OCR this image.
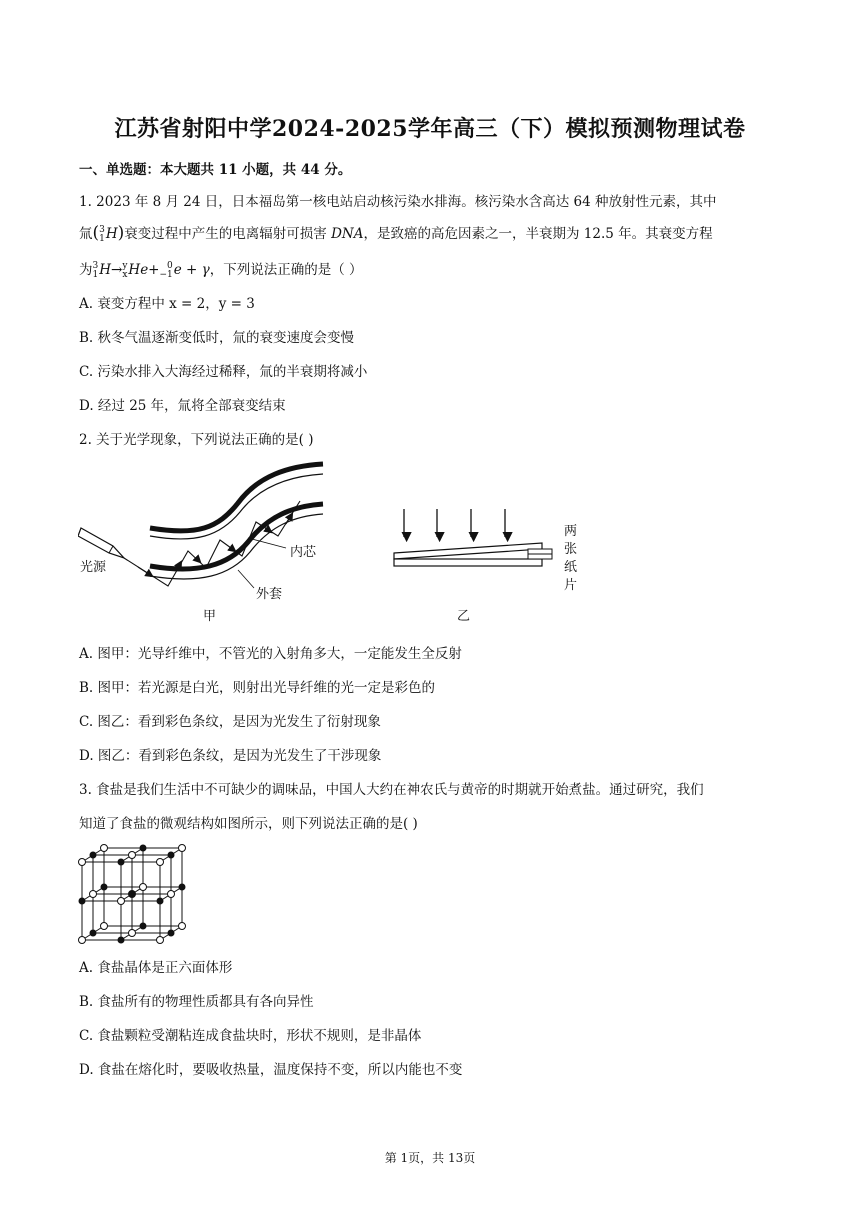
江苏省射阳中学2024-2025学年高三（下）模拟预测物理试卷
一、单选题：本大题共 11 小题，共 44 分。
1. 2023 年 8 月 24 日，日本福岛第一核电站启动核污染水排海。核污染水含高达 64 种放射性元素，其中
氚(3
1H)衰变过程中产生的电离辐射可损害 DNA，是致癌的高危因素之一，半衰期为 12.5 年。其衰变方程
为3
1H→y
xHe+ 0
−1e + γ，下列说法正确的是（ ）
A. 衰变方程中 x = 2，y = 3
B. 秋冬气温逐渐变低时，氚的衰变速度会变慢
C. 污染水排入大海经过稀释，氚的半衰期将减小
D. 经过 25 年，氚将全部衰变结束
2. 关于光学现象，下列说法正确的是( )
光源
内芯
外套
甲
两
张
纸
片
乙
A. 图甲：光导纤维中，不管光的入射角多大，一定能发生全反射
B. 图甲：若光源是白光，则射出光导纤维的光一定是彩色的
C. 图乙：看到彩色条纹，是因为光发生了衍射现象
D. 图乙：看到彩色条纹，是因为光发生了干涉现象
3. 食盐是我们生活中不可缺少的调味品，中国人大约在神农氏与黄帝的时期就开始煮盐。通过研究，我们
知道了食盐的微观结构如图所示，则下列说法正确的是( )
A. 食盐晶体是正六面体形
B. 食盐所有的物理性质都具有各向异性
C. 食盐颗粒受潮粘连成食盐块时，形状不规则，是非晶体
D. 食盐在熔化时，要吸收热量，温度保持不变，所以内能也不变
第 1页，共 13页
